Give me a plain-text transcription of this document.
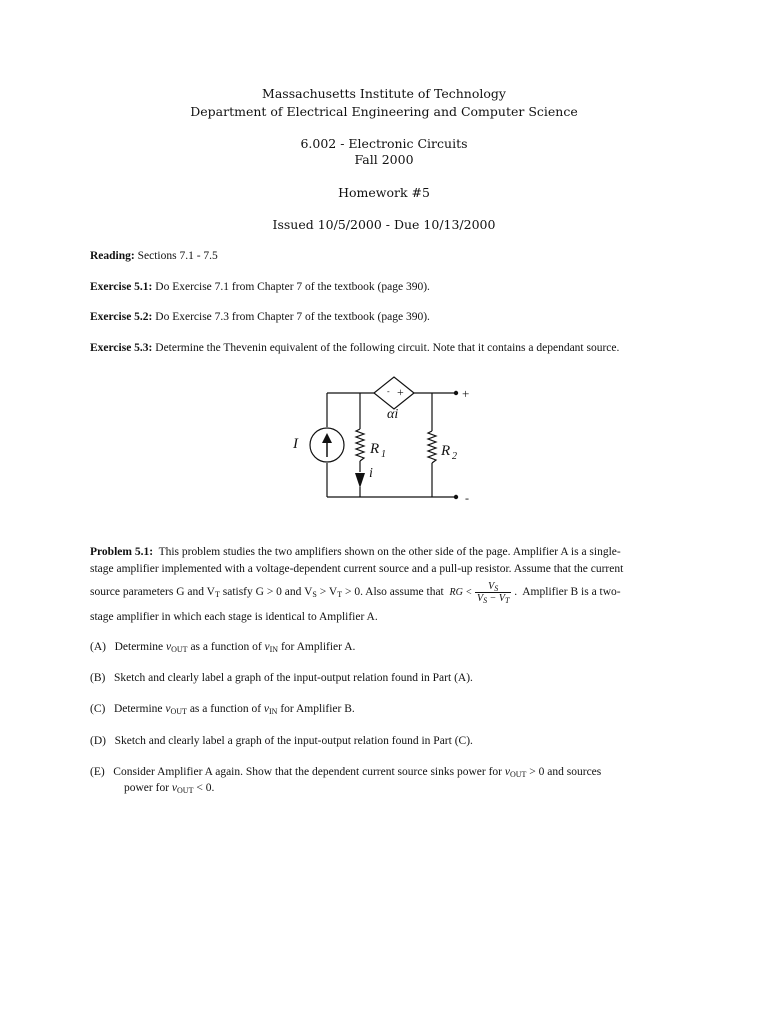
Massachusetts Institute of Technology
Department of Electrical Engineering and Computer Science
6.002 - Electronic Circuits
Fall 2000
Homework #5
Issued 10/5/2000 - Due 10/13/2000
Reading: Sections 7.1 - 7.5
Exercise 5.1: Do Exercise 7.1 from Chapter 7 of the textbook (page 390).
Exercise 5.2: Do Exercise 7.3 from Chapter 7 of the textbook (page 390).
Exercise 5.3: Determine the Thevenin equivalent of the following circuit. Note that it contains a dependant source.
- +
αi
I	R 1	R 2
i
+
-
Problem 5.1:  This problem studies the two amplifiers shown on the other side of the page. Amplifier A is a single-
stage amplifier implemented with a voltage-dependent current source and a pull-up resistor. Assume that the current
source parameters G and $V_T$ satisfy G > 0 and $V_S > V_T > 0$. Also assume that  RG < $\frac{V_S}{V_S - V_T}$ .  Amplifier B is a two-
stage amplifier in which each stage is identical to Amplifier A.
(A)   Determine $v_{OUT}$ as a function of $v_{IN}$ for Amplifier A.
(B)   Sketch and clearly label a graph of the input-output relation found in Part (A).
(C)   Determine $v_{OUT}$ as a function of $v_{IN}$ for Amplifier B.
(D)   Sketch and clearly label a graph of the input-output relation found in Part (C).
(E)   Consider Amplifier A again. Show that the dependent current source sinks power for $v_{OUT} > 0$ and sources
power for $v_{OUT} < 0$.
